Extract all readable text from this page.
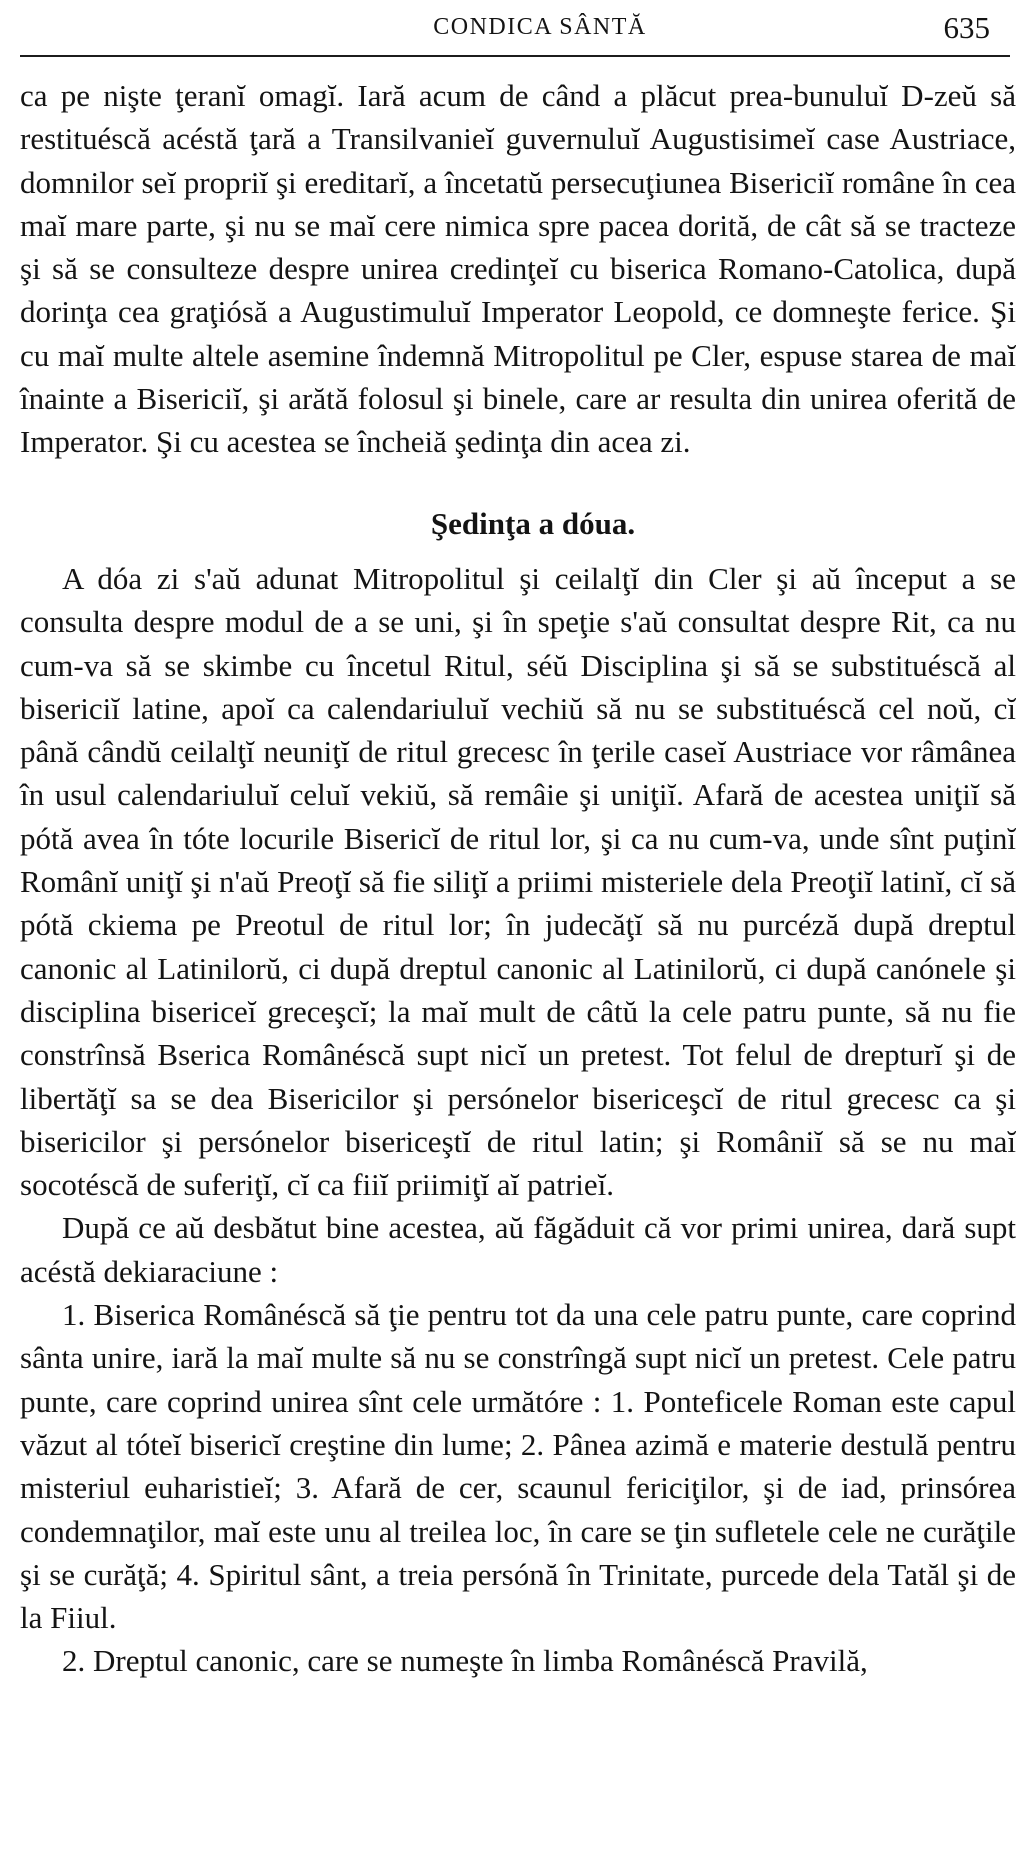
CONDICA SÂNTĂ	635

ca pe nişte ţeranĭ omagĭ. Iară acum de când a plăcut prea-bunuluĭ D-zeŭ să restituéscă acéstă ţară a Transilvanieĭ guvernuluĭ Augustisimeĭ case Austriace, domnilor seĭ propriĭ şi ereditarĭ, a încetatŭ persecuţiunea Bisericiĭ române în cea maĭ mare parte, şi nu se maĭ cere nimica spre pacea dorită, de cât să se tracteze şi să se consulteze despre unirea credinţeĭ cu biserica Romano-Catolica, după dorinţa cea graţiósă a Augustimuluĭ Imperator Leopold, ce domneşte ferice. Şi cu maĭ multe altele asemine îndemnă Mitropolitul pe Cler, espuse starea de maĭ înainte a Bisericiĭ, şi arătă folosul şi binele, care ar resulta din unirea oferită de Imperator. Şi cu acestea se încheiă şedinţa din acea zi.

Şedinţa a dóua.

A dóa zi s'aŭ adunat Mitropolitul şi ceilalţĭ din Cler şi aŭ început a se consulta despre modul de a se uni, şi în speţie s'aŭ consultat despre Rit, ca nu cum-va să se skimbe cu încetul Ritul, séŭ Disciplina şi să se substituéscă al bisericiĭ latine, apoĭ ca calendariuluĭ vechiŭ să nu se substituéscă cel noŭ, cĭ până cândŭ ceilalţĭ neuniţĭ de ritul grecesc în ţerile caseĭ Austriace vor râmânea în usul calendariuluĭ celuĭ vekiŭ, să remâie şi uniţiĭ. Afară de acestea uniţiĭ să pótă avea în tóte locurile Bisericĭ de ritul lor, şi ca nu cum-va, unde sînt puţinĭ Românĭ uniţĭ şi n'aŭ Preoţĭ să fie siliţĭ a priimi misteriele dela Preoţiĭ latinĭ, cĭ să pótă ckiema pe Preotul de ritul lor; în judecăţĭ să nu purcéză după dreptul canonic al Latinilorŭ, ci după dreptul canonic al Latinilorŭ, ci după canónele şi disciplina bisericeĭ greceşcĭ; la maĭ mult de câtŭ la cele patru punte, să nu fie constrînsă Bserica Românéscă supt nicĭ un pretest. Tot felul de drepturĭ şi de libertăţĭ sa se dea Bisericilor şi persónelor bisericeşcĭ de ritul grecesc ca şi bisericilor şi persónelor bisericeştĭ de ritul latin; şi Româniĭ să se nu maĭ socotéscă de suferiţĭ, cĭ ca fiiĭ priimiţĭ aĭ patrieĭ.

După ce aŭ desbătut bine acestea, aŭ făgăduit că vor primi unirea, dară supt acéstă dekiaraciune :

1. Biserica Românéscă să ţie pentru tot da una cele patru punte, care coprind sânta unire, iară la maĭ multe să nu se constrîngă supt nicĭ un pretest. Cele patru punte, care coprind unirea sînt cele următóre : 1. Ponteficele Roman este capul văzut al tóteĭ bisericĭ creştine din lume; 2. Pânea azimă e materie destulă pentru misteriul euharistieĭ; 3. Afară de cer, scaunul fericiţilor, şi de iad, prinsórea condemnaţilor, maĭ este unu al treilea loc, în care se ţin sufletele cele ne curăţile şi se curăţă; 4. Spiritul sânt, a treia persónă în Trinitate, purcede dela Tatăl şi de la Fiiul.

2. Dreptul canonic, care se numeşte în limba Românéscă Pravilă,
